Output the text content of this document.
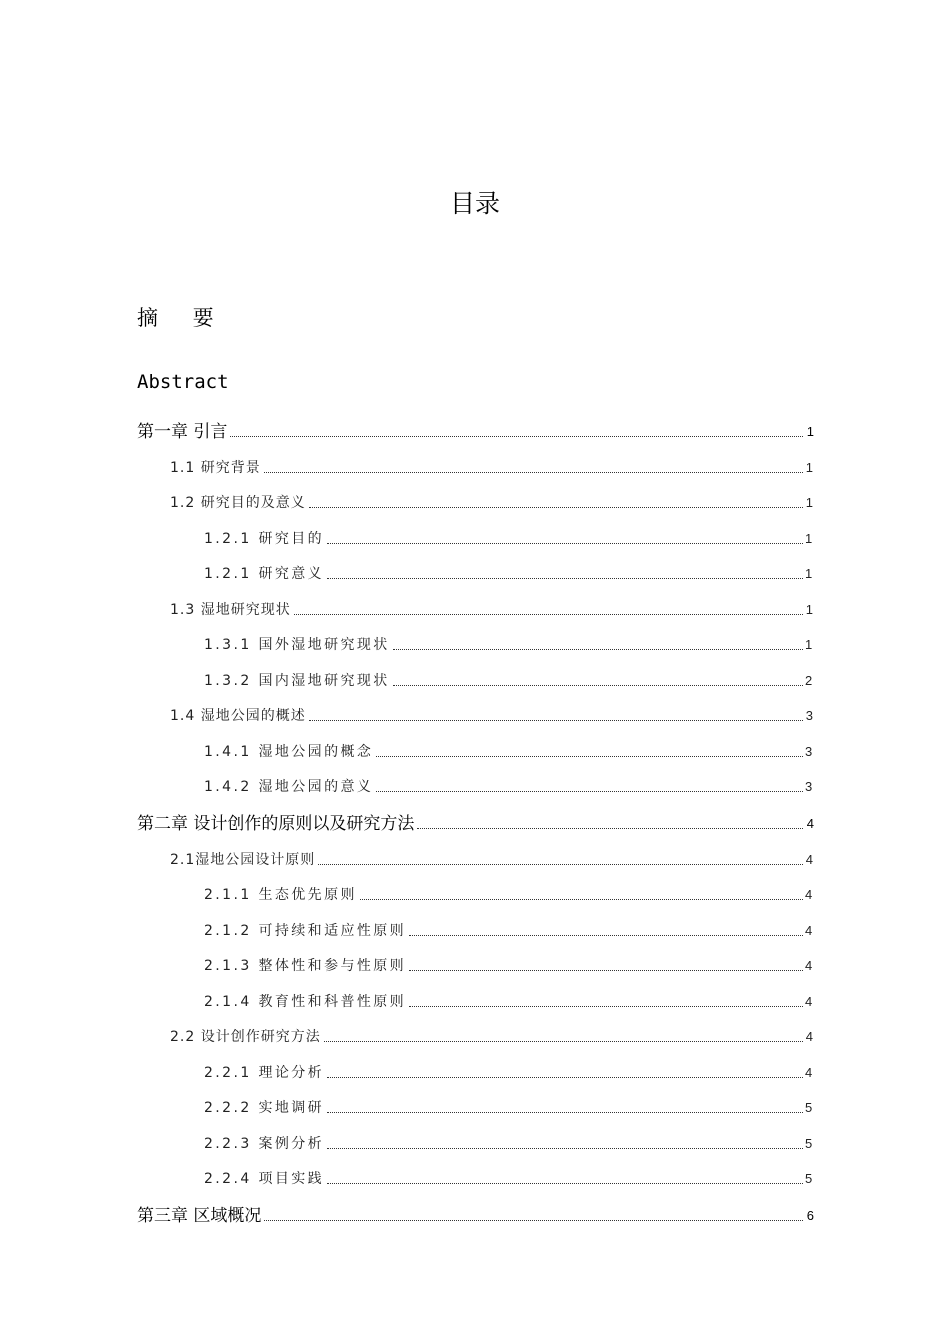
目录
摘 要
Abstract
第一章 引言	1
1.1 研究背景	1
1.2 研究目的及意义	1
1.2.1 研究目的	1
1.2.1 研究意义	1
1.3 湿地研究现状	1
1.3.1 国外湿地研究现状	1
1.3.2 国内湿地研究现状	2
1.4 湿地公园的概述	3
1.4.1 湿地公园的概念	3
1.4.2 湿地公园的意义	3
第二章 设计创作的原则以及研究方法	4
2.1湿地公园设计原则	4
2.1.1 生态优先原则	4
2.1.2 可持续和适应性原则	4
2.1.3 整体性和参与性原则	4
2.1.4 教育性和科普性原则	4
2.2 设计创作研究方法	4
2.2.1 理论分析	4
2.2.2 实地调研	5
2.2.3 案例分析	5
2.2.4 项目实践	5
第三章 区域概况	6
